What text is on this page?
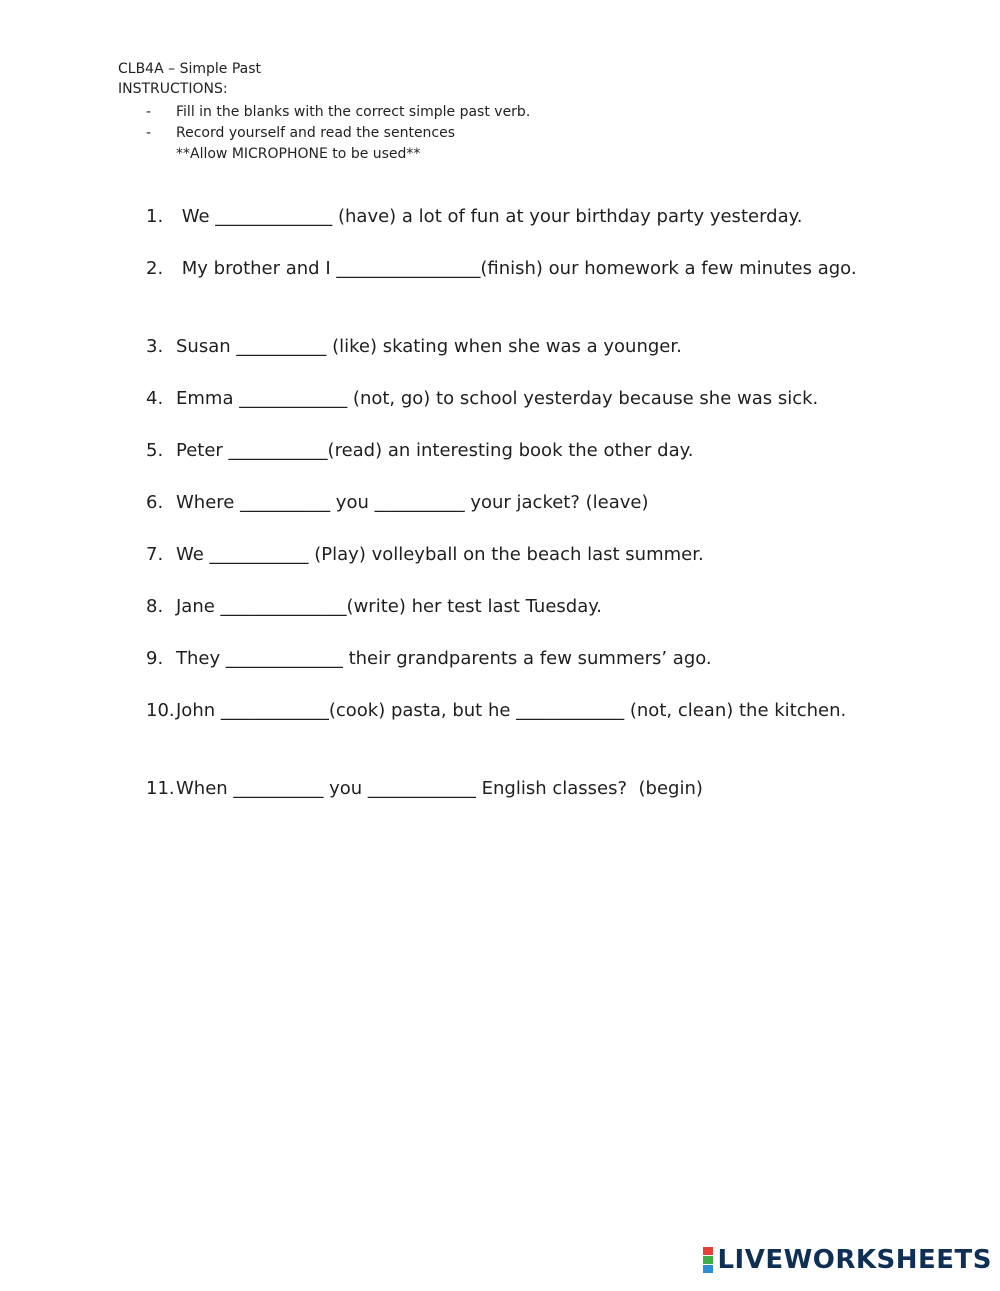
CLB4A – Simple Past
INSTRUCTIONS:
-	Fill in the blanks with the correct simple past verb.
-	Record yourself and read the sentences
**Allow MICROPHONE to be used**
1. We _____________ (have) a lot of fun at your birthday party yesterday.
2. My brother and I ________________(finish) our homework a few minutes ago.
3. Susan __________ (like) skating when she was a younger.
4. Emma ____________ (not, go) to school yesterday because she was sick.
5. Peter ___________(read) an interesting book the other day.
6. Where __________ you __________ your jacket? (leave)
7. We ___________ (Play) volleyball on the beach last summer.
8. Jane ______________(write) her test last Tuesday.
9. They _____________ their grandparents a few summers’ ago.
10. John ____________(cook) pasta, but he ____________ (not, clean) the kitchen.
11. When __________ you ____________ English classes?  (begin)
LIVEWORKSHEETS
